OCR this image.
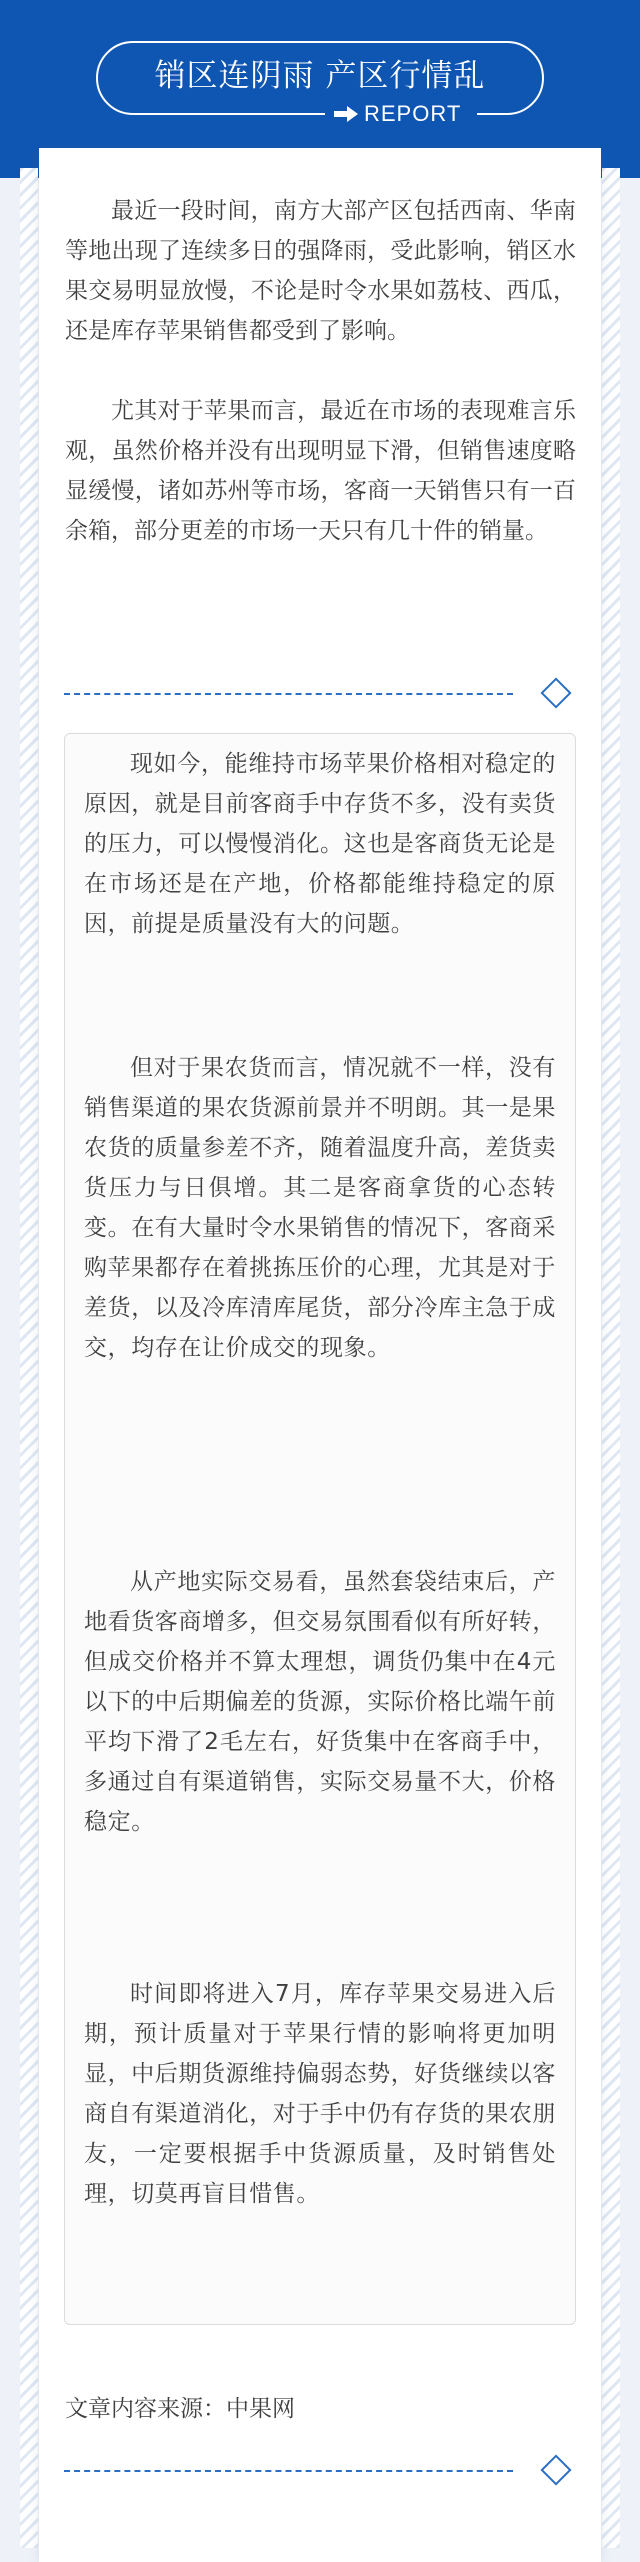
销区连阴雨 产区行情乱
REPORT

最近一段时间，南方大部产区包括西南、华南等地出现了连续多日的强降雨，受此影响，销区水果交易明显放慢，不论是时令水果如荔枝、西瓜，还是库存苹果销售都受到了影响。

尤其对于苹果而言，最近在市场的表现难言乐观，虽然价格并没有出现明显下滑，但销售速度略显缓慢，诸如苏州等市场，客商一天销售只有一百余箱，部分更差的市场一天只有几十件的销量。

现如今，能维持市场苹果价格相对稳定的原因，就是目前客商手中存货不多，没有卖货的压力，可以慢慢消化。这也是客商货无论是在市场还是在产地，价格都能维持稳定的原因，前提是质量没有大的问题。

但对于果农货而言，情况就不一样，没有销售渠道的果农货源前景并不明朗。其一是果农货的质量参差不齐，随着温度升高，差货卖货压力与日俱增。其二是客商拿货的心态转变。在有大量时令水果销售的情况下，客商采购苹果都存在着挑拣压价的心理，尤其是对于差货，以及冷库清库尾货，部分冷库主急于成交，均存在让价成交的现象。

从产地实际交易看，虽然套袋结束后，产地看货客商增多，但交易氛围看似有所好转，但成交价格并不算太理想，调货仍集中在4元以下的中后期偏差的货源，实际价格比端午前平均下滑了2毛左右，好货集中在客商手中，多通过自有渠道销售，实际交易量不大，价格稳定。

时间即将进入7月，库存苹果交易进入后期，预计质量对于苹果行情的影响将更加明显，中后期货源维持偏弱态势，好货继续以客商自有渠道消化，对于手中仍有存货的果农朋友，一定要根据手中货源质量，及时销售处理，切莫再盲目惜售。

文章内容来源：中果网
